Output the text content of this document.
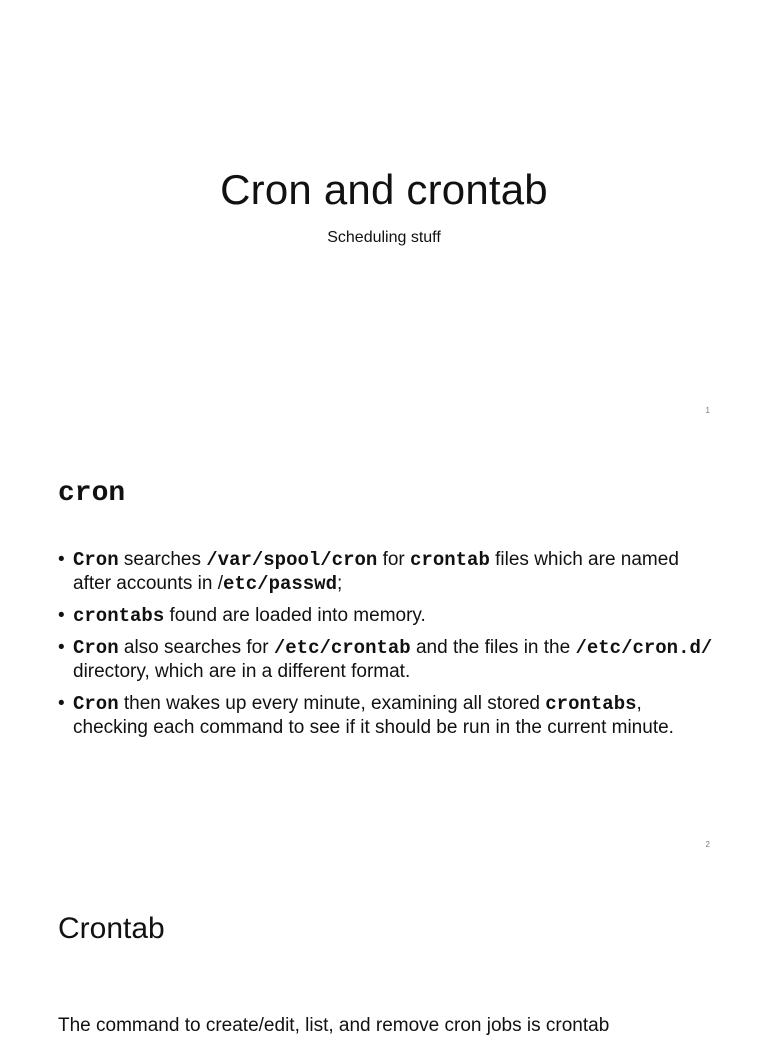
Cron and crontab
Scheduling stuff
1
cron
• Cron searches /var/spool/cron for crontab files which are named after accounts in /etc/passwd;
• crontabs found are loaded into memory.
• Cron also searches for /etc/crontab and the files in the /etc/cron.d/ directory, which are in a different format.
• Cron then wakes up every minute, examining all stored crontabs, checking each command to see if it should be run in the current minute.
2
Crontab
The command to create/edit, list, and remove cron jobs is crontab
